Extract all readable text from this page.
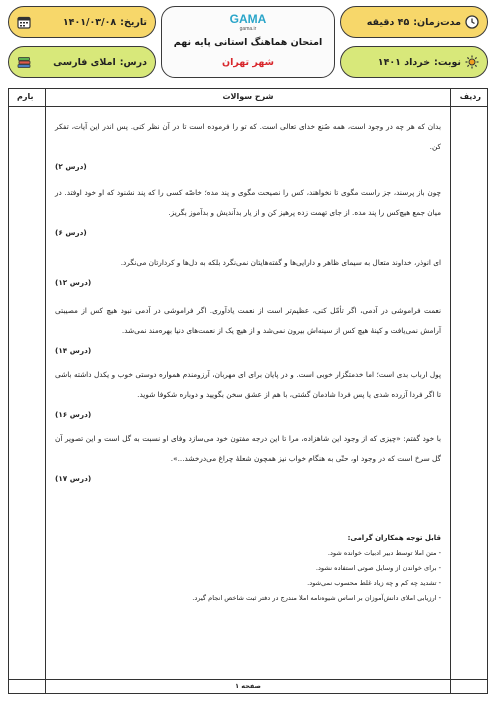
مدت‌زمان:
۴۵ دقیقه
تاریخ:
۱۴۰۱/۰۳/۰۸
نوبت:
خرداد ۱۴۰۱
درس:
املای فارسی
GAMA
gama.ir
امتحان هماهنگ استانی پایه نهم
شهر تهران
ردیف
شرح سوالات
بارم
بدان که هر چه در وجود است، همه صُنع خدای تعالی است. که تو را فرموده است تا در آن نظر کنی. پس اندر این آیات، تفکر کن.
(درس ۲)
چون باز پرسند، جز راست مگوی تا نخواهند، کس را نصیحت مگوی و پند مده؛ خاصّه کسی را که پند نشنود که او خود اوفتد. در میان جمع هیچ‌کس را پند مده. از جای تهمت زده پرهیز کن و از یار بدآندیش و بدآموز بگریز.
(درس ۶)
ای انوذر، خداوند متعال به سیمای ظاهر و دارایی‌ها و گفته‌هایتان نمی‌نگرد بلکه به دل‌ها و کردارتان می‌نگرد.
(درس ۱۲)
نعمت فراموشی در آدمی، اگر تأمّل کنی، عظیم‌تر است از نعمت یادآوری. اگر فراموشی در آدمی نبود هیچ کس از مصیبتی آرامش نمی‌یافت و کینهٔ هیچ کس از سینه‌اش بیرون نمی‌شد و از هیچ یک از نعمت‌های دنیا بهره‌مند نمی‌شد.
(درس ۱۴)
پول ارباب بدی است؛ اما خدمتگزار خوبی است. و در پایان برای ای مهربان، آرزومندم همواره دوستی خوب و یکدل داشته باشی تا اگر فردا آزرده شدی یا پس فردا شادمان گشتی، با هم از عشق سخن بگویید و دوباره شکوفا شوید.
(درس ۱۶)
با خود گفتم: «چیزی که از وجود این شاهزاده، مرا تا این درجه مفتون خود می‌سازد وفای او نسبت به گل است و این تصویر آن گل سرخ است که در وجود او، حتّی به هنگام خواب نیز همچون شعلهٔ چراغ می‌درخشد...».
(درس ۱۷)
قابل توجه همکاران گرامی:
- متن املا توسط دبیر ادبیات خوانده شود.
- برای خواندن از وسایل صوتی استفاده نشود.
- تشدید چه کم و چه زیاد غلط محسوب نمی‌شود.
- ارزیابی املای دانش‌آموزان بر اساس شیوه‌نامه املا مندرج در دفتر ثبت شاخص انجام گیرد.
صفحه ۱
